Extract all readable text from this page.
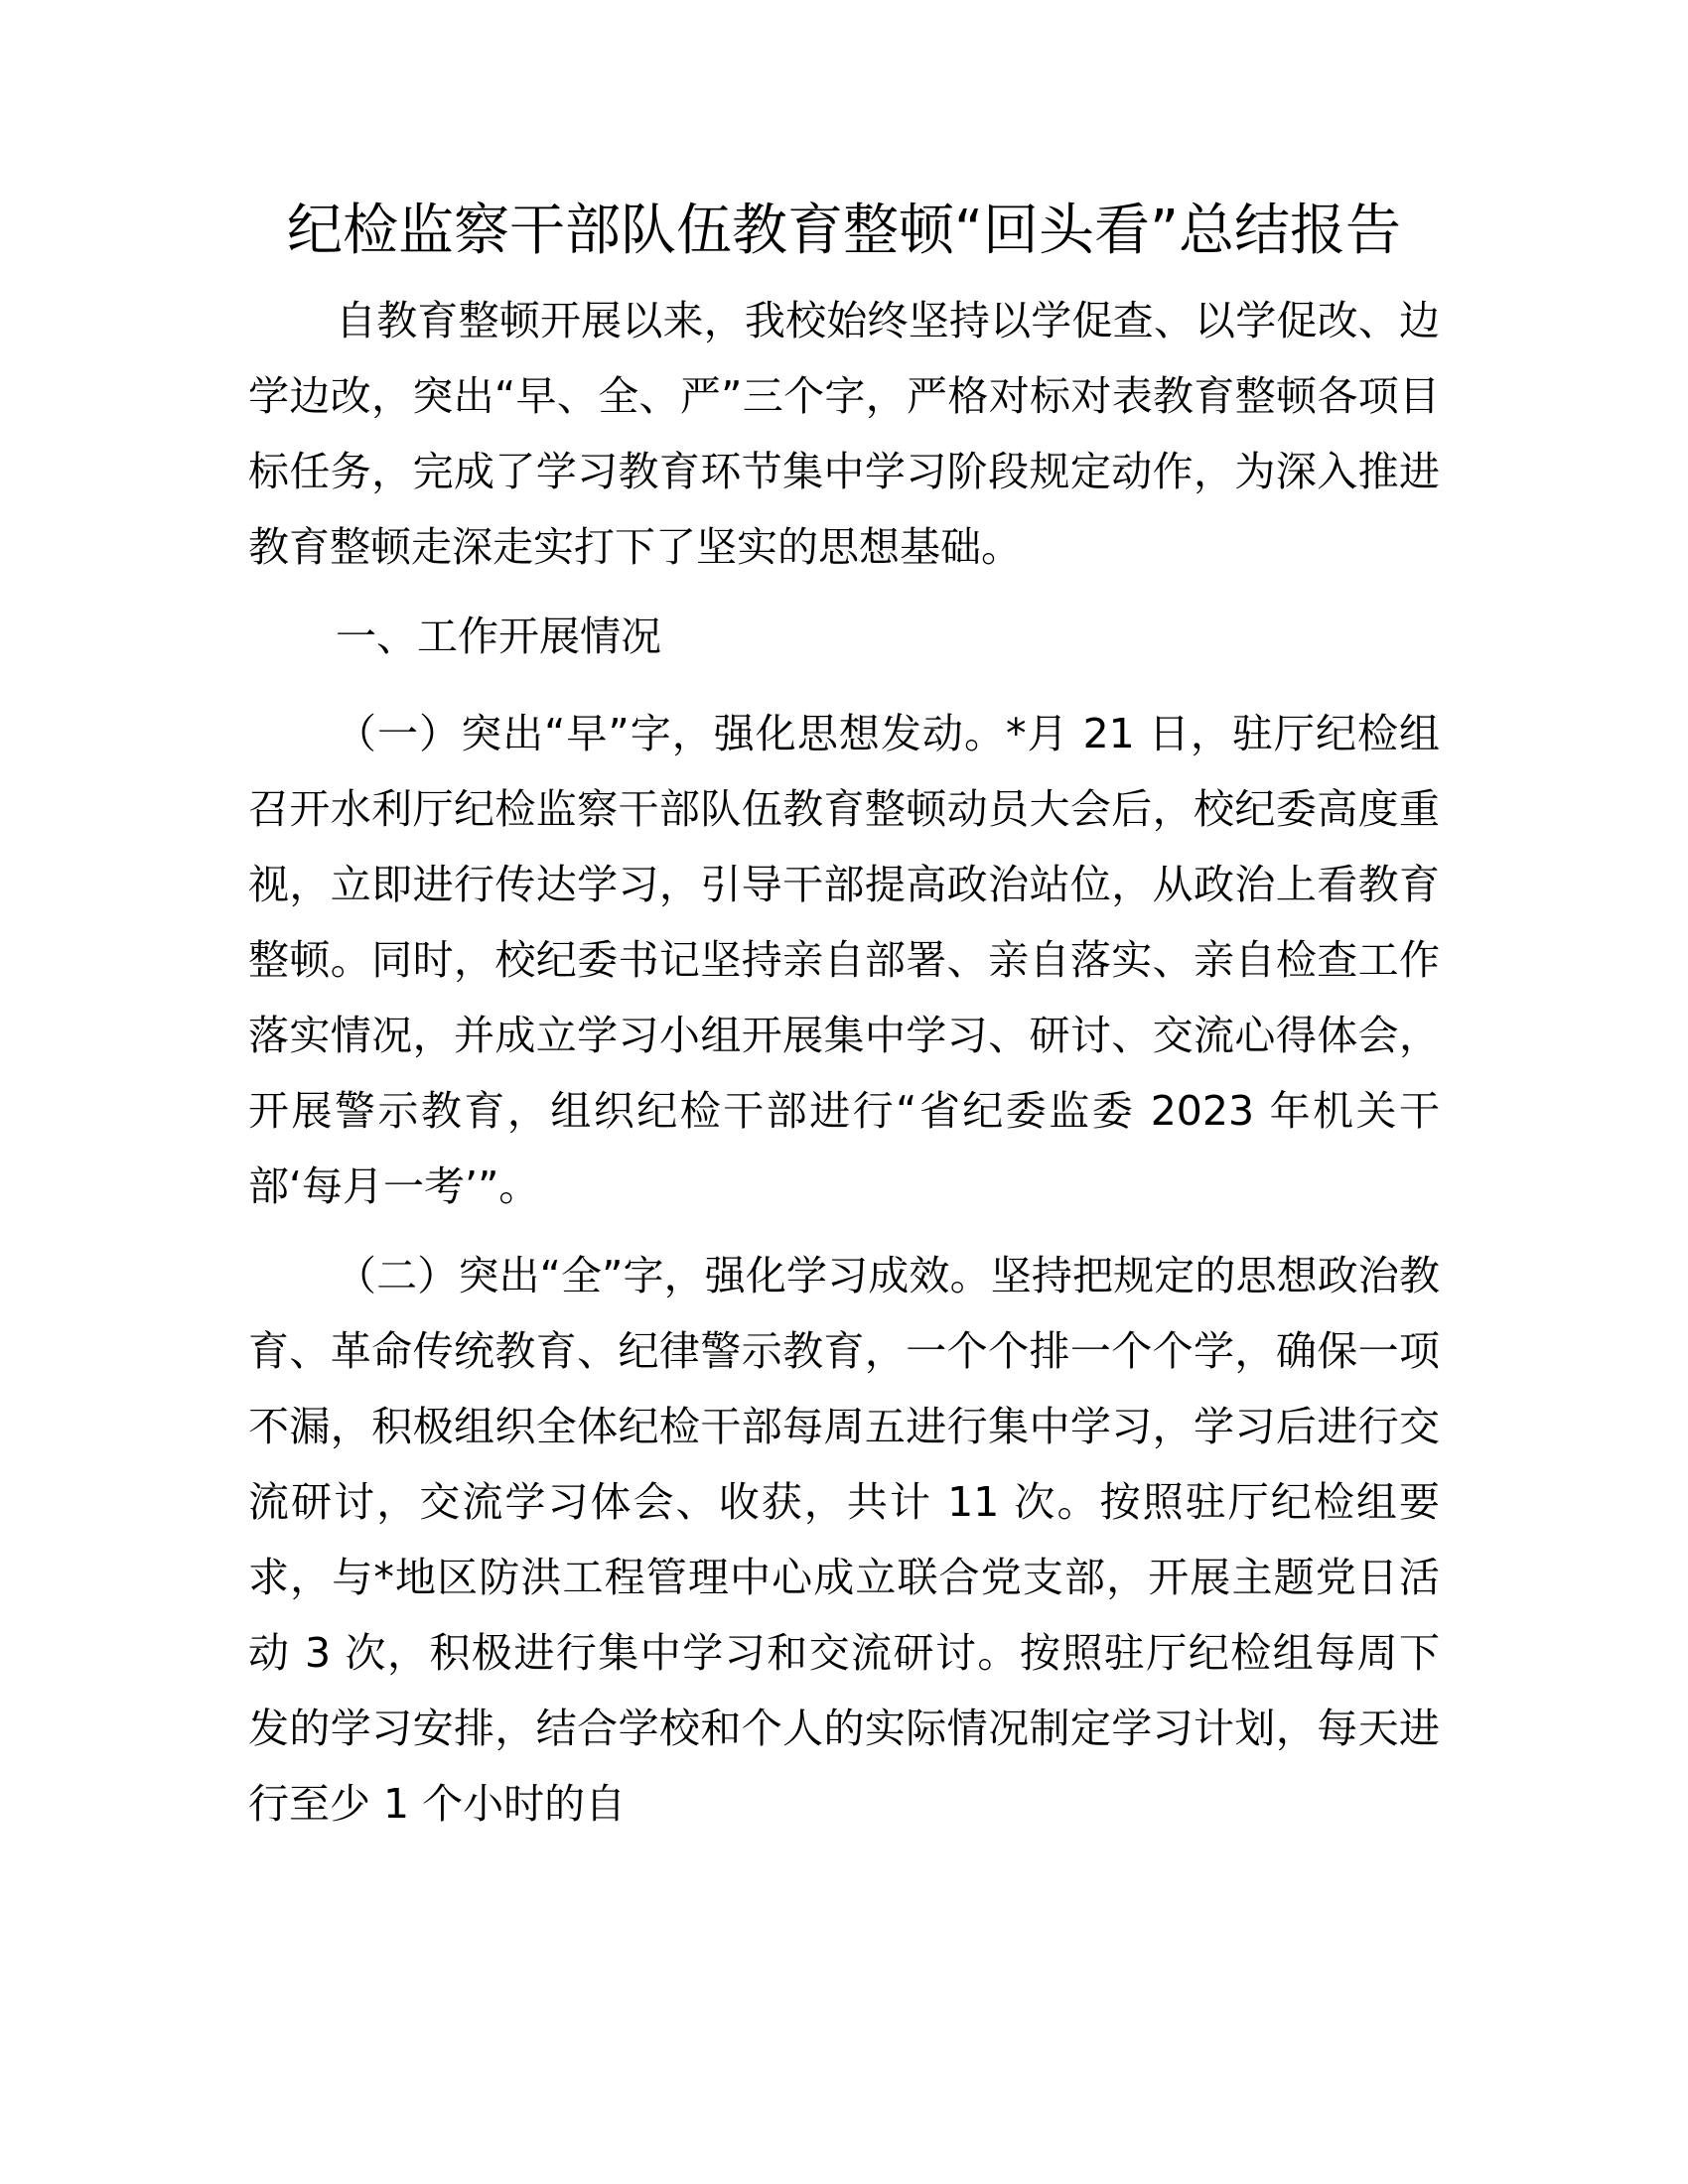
纪检监察干部队伍教育整顿“回头看”总结报告

自教育整顿开展以来，我校始终坚持以学促查、以学促改、边学边改，突出“早、全、严”三个字，严格对标对表教育整顿各项目标任务，完成了学习教育环节集中学习阶段规定动作，为深入推进教育整顿走深走实打下了坚实的思想基础。

一、工作开展情况

（一）突出“早”字，强化思想发动。*月 21 日，驻厅纪检组召开水利厅纪检监察干部队伍教育整顿动员大会后，校纪委高度重视，立即进行传达学习，引导干部提高政治站位，从政治上看教育整顿。同时，校纪委书记坚持亲自部署、亲自落实、亲自检查工作落实情况，并成立学习小组开展集中学习、研讨、交流心得体会，开展警示教育，组织纪检干部进行“省纪委监委 2023 年机关干部‘每月一考’”。

（二）突出“全”字，强化学习成效。坚持把规定的思想政治教育、革命传统教育、纪律警示教育，一个个排一个个学，确保一项不漏，积极组织全体纪检干部每周五进行集中学习，学习后进行交流研讨，交流学习体会、收获，共计 11 次。按照驻厅纪检组要求，与*地区防洪工程管理中心成立联合党支部，开展主题党日活动 3 次，积极进行集中学习和交流研讨。按照驻厅纪检组每周下发的学习安排，结合学校和个人的实际情况制定学习计划，每天进行至少 1 个小时的自
